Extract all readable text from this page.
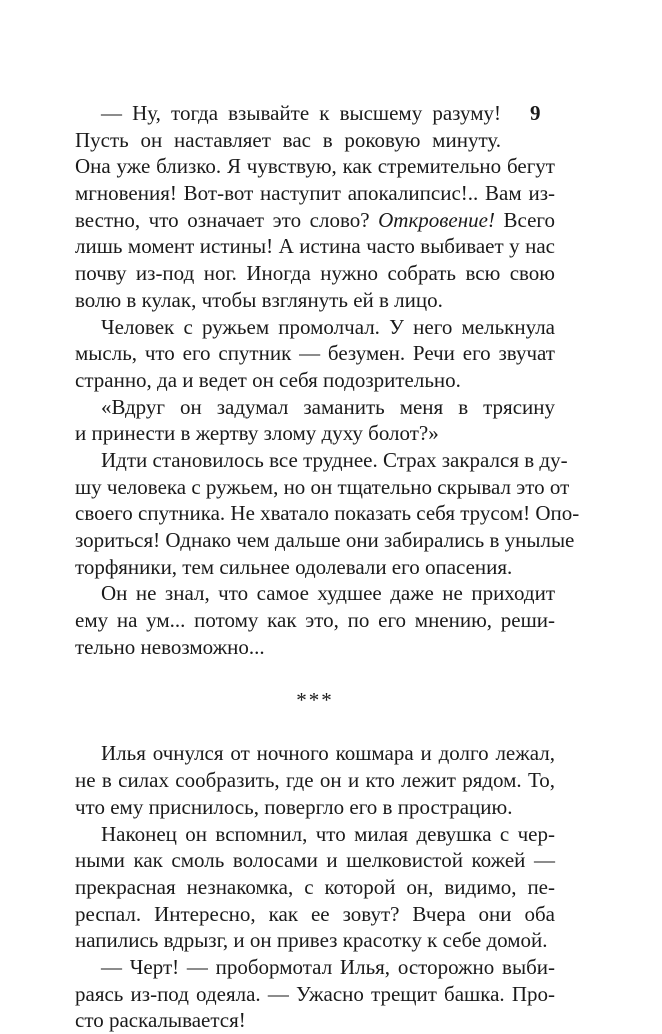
9
— Ну, тогда взывайте к высшему разуму!
Пусть он наставляет вас в роковую минуту.
Она уже близко. Я чувствую, как стремительно бегут
мгновения! Вот-вот наступит апокалипсис!.. Вам из-
вестно, что означает это слово? Откровение! Всего
лишь момент истины! А истина часто выбивает у нас
почву из-под ног. Иногда нужно собрать всю свою
волю в кулак, чтобы взглянуть ей в лицо.
Человек с ружьем промолчал. У него мелькнула
мысль, что его спутник — безумен. Речи его звучат
странно, да и ведет он себя подозрительно.
«Вдруг он задумал заманить меня в трясину
и принести в жертву злому духу болот?»
Идти становилось все труднее. Страх закрался в ду-
шу человека с ружьем, но он тщательно скрывал это от
своего спутника. Не хватало показать себя трусом! Опо-
зориться! Однако чем дальше они забирались в унылые
торфяники, тем сильнее одолевали его опасения.
Он не знал, что самое худшее даже не приходит
ему на ум... потому как это, по его мнению, реши-
тельно невозможно...
***
Илья очнулся от ночного кошмара и долго лежал,
не в силах сообразить, где он и кто лежит рядом. То,
что ему приснилось, повергло его в прострацию.
Наконец он вспомнил, что милая девушка с чер-
ными как смоль волосами и шелковистой кожей —
прекрасная незнакомка, с которой он, видимо, пе-
респал. Интересно, как ее зовут? Вчера они оба
напились вдрызг, и он привез красотку к себе домой.
— Черт! — пробормотал Илья, осторожно выби-
раясь из-под одеяла. — Ужасно трещит башка. Про-
сто раскалывается!
